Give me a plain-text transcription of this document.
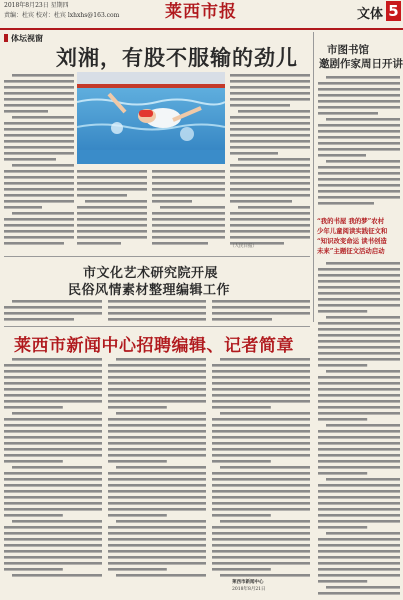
2018年8月23日 星期四
责编：杜宾 校对：杜宾 lxhxhs@163.com	莱西市报	文体 5
体坛视窗
刘湘，有股不服输的劲儿
（人民日报）
市图书馆
邀剧作家周日开讲
“我的书屋 我的梦”农村
少年儿童阅读实践征文和
“知识改变命运 读书创造
未来”主题征文活动启动
市文化艺术研究院开展
民俗风情素材整理编辑工作
莱西市新闻中心招聘编辑、记者简章
莱西市新闻中心
2018年8月21日
